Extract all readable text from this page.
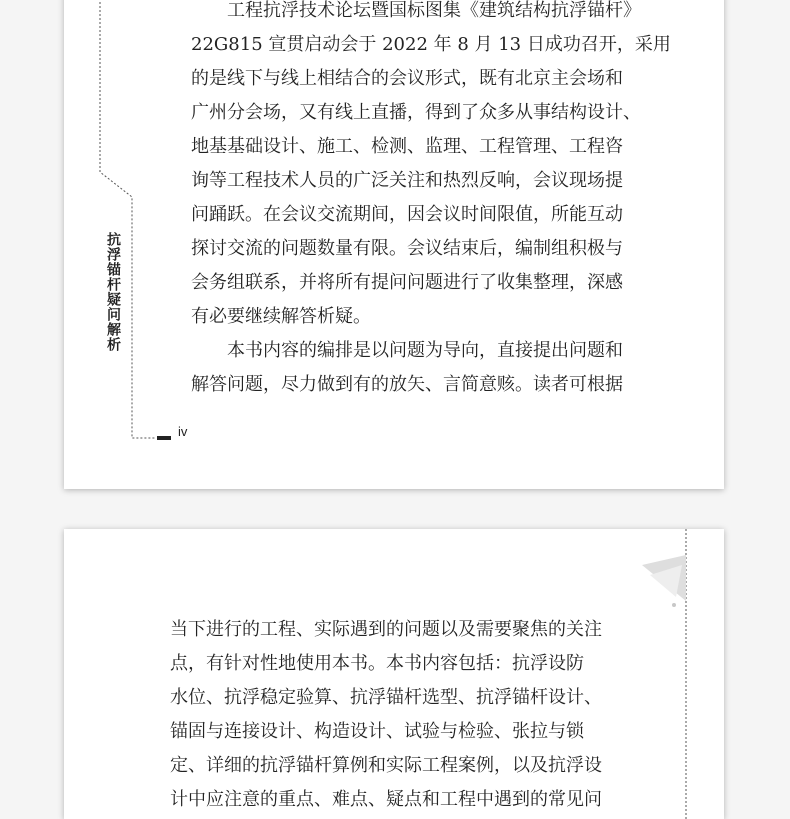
抗浮锚杆疑问解析
iv
工程抗浮技术论坛暨国标图集《建筑结构抗浮锚杆》
22G815 宣贯启动会于 2022 年 8 月 13 日成功召开，采用
的是线下与线上相结合的会议形式，既有北京主会场和
广州分会场，又有线上直播，得到了众多从事结构设计、
地基基础设计、施工、检测、监理、工程管理、工程咨
询等工程技术人员的广泛关注和热烈反响，会议现场提
问踊跃。在会议交流期间，因会议时间限值，所能互动
探讨交流的问题数量有限。会议结束后，编制组积极与
会务组联系，并将所有提问问题进行了收集整理，深感
有必要继续解答析疑。
本书内容的编排是以问题为导向，直接提出问题和
解答问题，尽力做到有的放矢、言简意赅。读者可根据
当下进行的工程、实际遇到的问题以及需要聚焦的关注
点，有针对性地使用本书。本书内容包括：抗浮设防
水位、抗浮稳定验算、抗浮锚杆选型、抗浮锚杆设计、
锚固与连接设计、构造设计、试验与检验、张拉与锁
定、详细的抗浮锚杆算例和实际工程案例，以及抗浮设
计中应注意的重点、难点、疑点和工程中遇到的常见问
